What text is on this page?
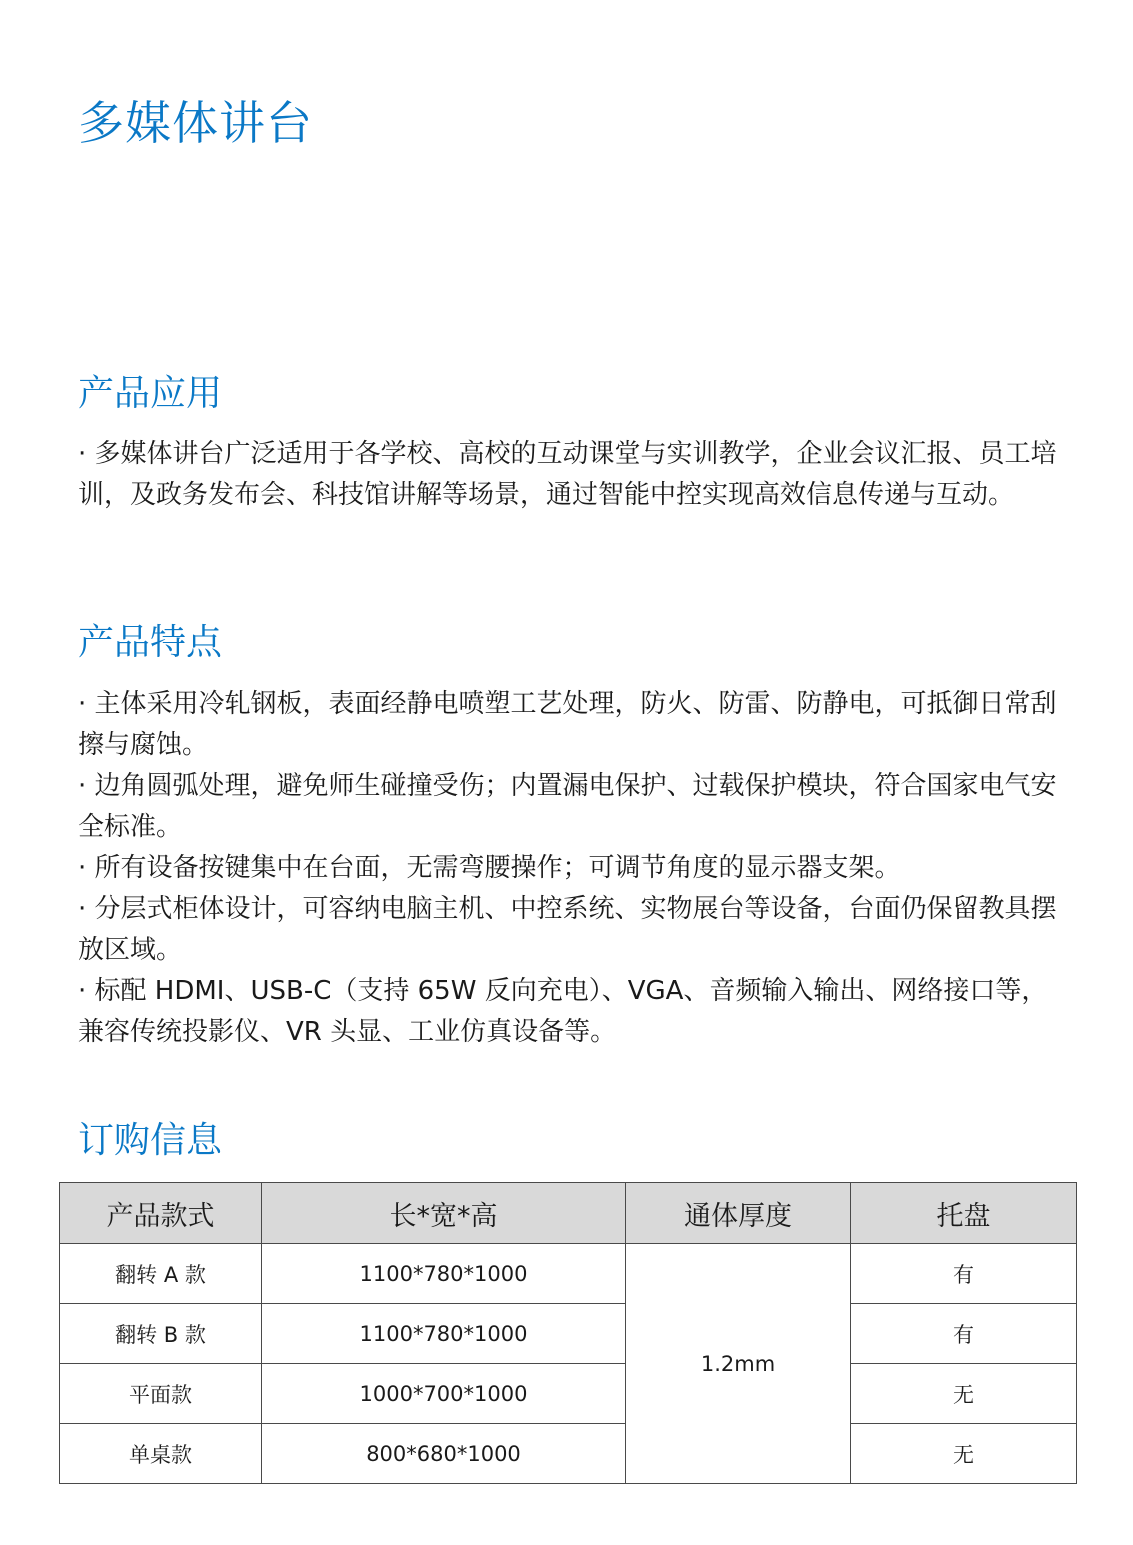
多媒体讲台
产品应用

· 多媒体讲台广泛适用于各学校、高校的互动课堂与实训教学，企业会议汇报、员工培训，及政务发布会、科技馆讲解等场景，通过智能中控实现高效信息传递与互动。

产品特点

· 主体采用冷轧钢板，表面经静电喷塑工艺处理，防火、防雷、防静电，可抵御日常刮擦与腐蚀。

· 边角圆弧处理，避免师生碰撞受伤；内置漏电保护、过载保护模块，符合国家电气安全标准。

· 所有设备按键集中在台面，无需弯腰操作；可调节角度的显示器支架。

· 分层式柜体设计，可容纳电脑主机、中控系统、实物展台等设备，台面仍保留教具摆放区域。

· 标配 HDMI、USB-C（支持 65W 反向充电）、VGA、音频输入输出、网络接口等，兼容传统投影仪、VR 头显、工业仿真设备等。

订购信息
产品款式	长*宽*高	通体厚度	托盘
翻转 A 款	1100*780*1000	1.2mm	有
翻转 B 款	1100*780*1000		有
平面款	1000*700*1000		无
单桌款	800*680*1000		无
